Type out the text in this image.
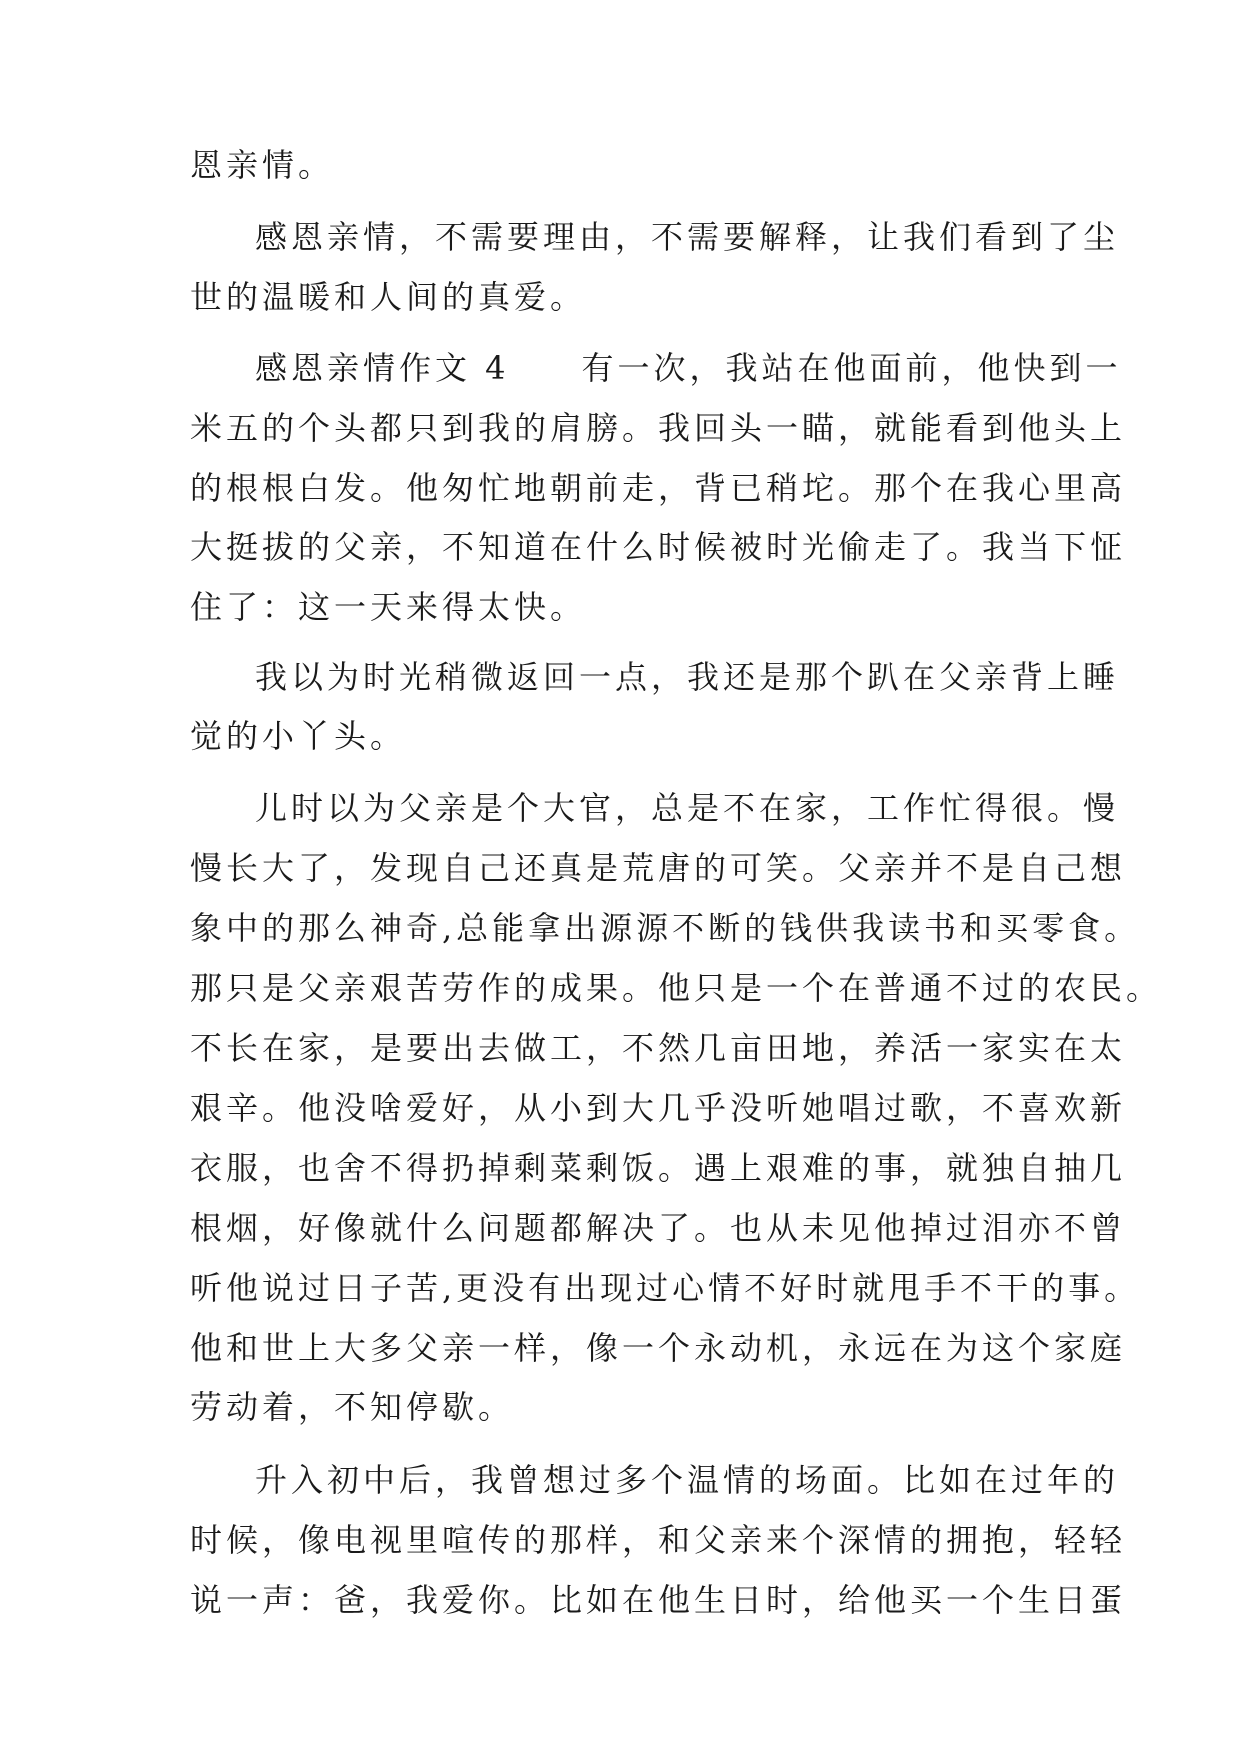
恩亲情。
感恩亲情，不需要理由，不需要解释，让我们看到了尘
世的温暖和人间的真爱。
感恩亲情作文 4　　有一次，我站在他面前，他快到一
米五的个头都只到我的肩膀。我回头一瞄，就能看到他头上
的根根白发。他匆忙地朝前走，背已稍坨。那个在我心里高
大挺拔的父亲，不知道在什么时候被时光偷走了。我当下怔
住了：这一天来得太快。
我以为时光稍微返回一点，我还是那个趴在父亲背上睡
觉的小丫头。
儿时以为父亲是个大官，总是不在家，工作忙得很。慢
慢长大了，发现自己还真是荒唐的可笑。父亲并不是自己想
象中的那么神奇,总能拿出源源不断的钱供我读书和买零食。
那只是父亲艰苦劳作的成果。他只是一个在普通不过的农民。
不长在家，是要出去做工，不然几亩田地，养活一家实在太
艰辛。他没啥爱好，从小到大几乎没听她唱过歌，不喜欢新
衣服，也舍不得扔掉剩菜剩饭。遇上艰难的事，就独自抽几
根烟，好像就什么问题都解决了。也从未见他掉过泪亦不曾
听他说过日子苦,更没有出现过心情不好时就甩手不干的事。
他和世上大多父亲一样，像一个永动机，永远在为这个家庭
劳动着，不知停歇。
升入初中后，我曾想过多个温情的场面。比如在过年的
时候，像电视里喧传的那样，和父亲来个深情的拥抱，轻轻
说一声：爸，我爱你。比如在他生日时，给他买一个生日蛋
